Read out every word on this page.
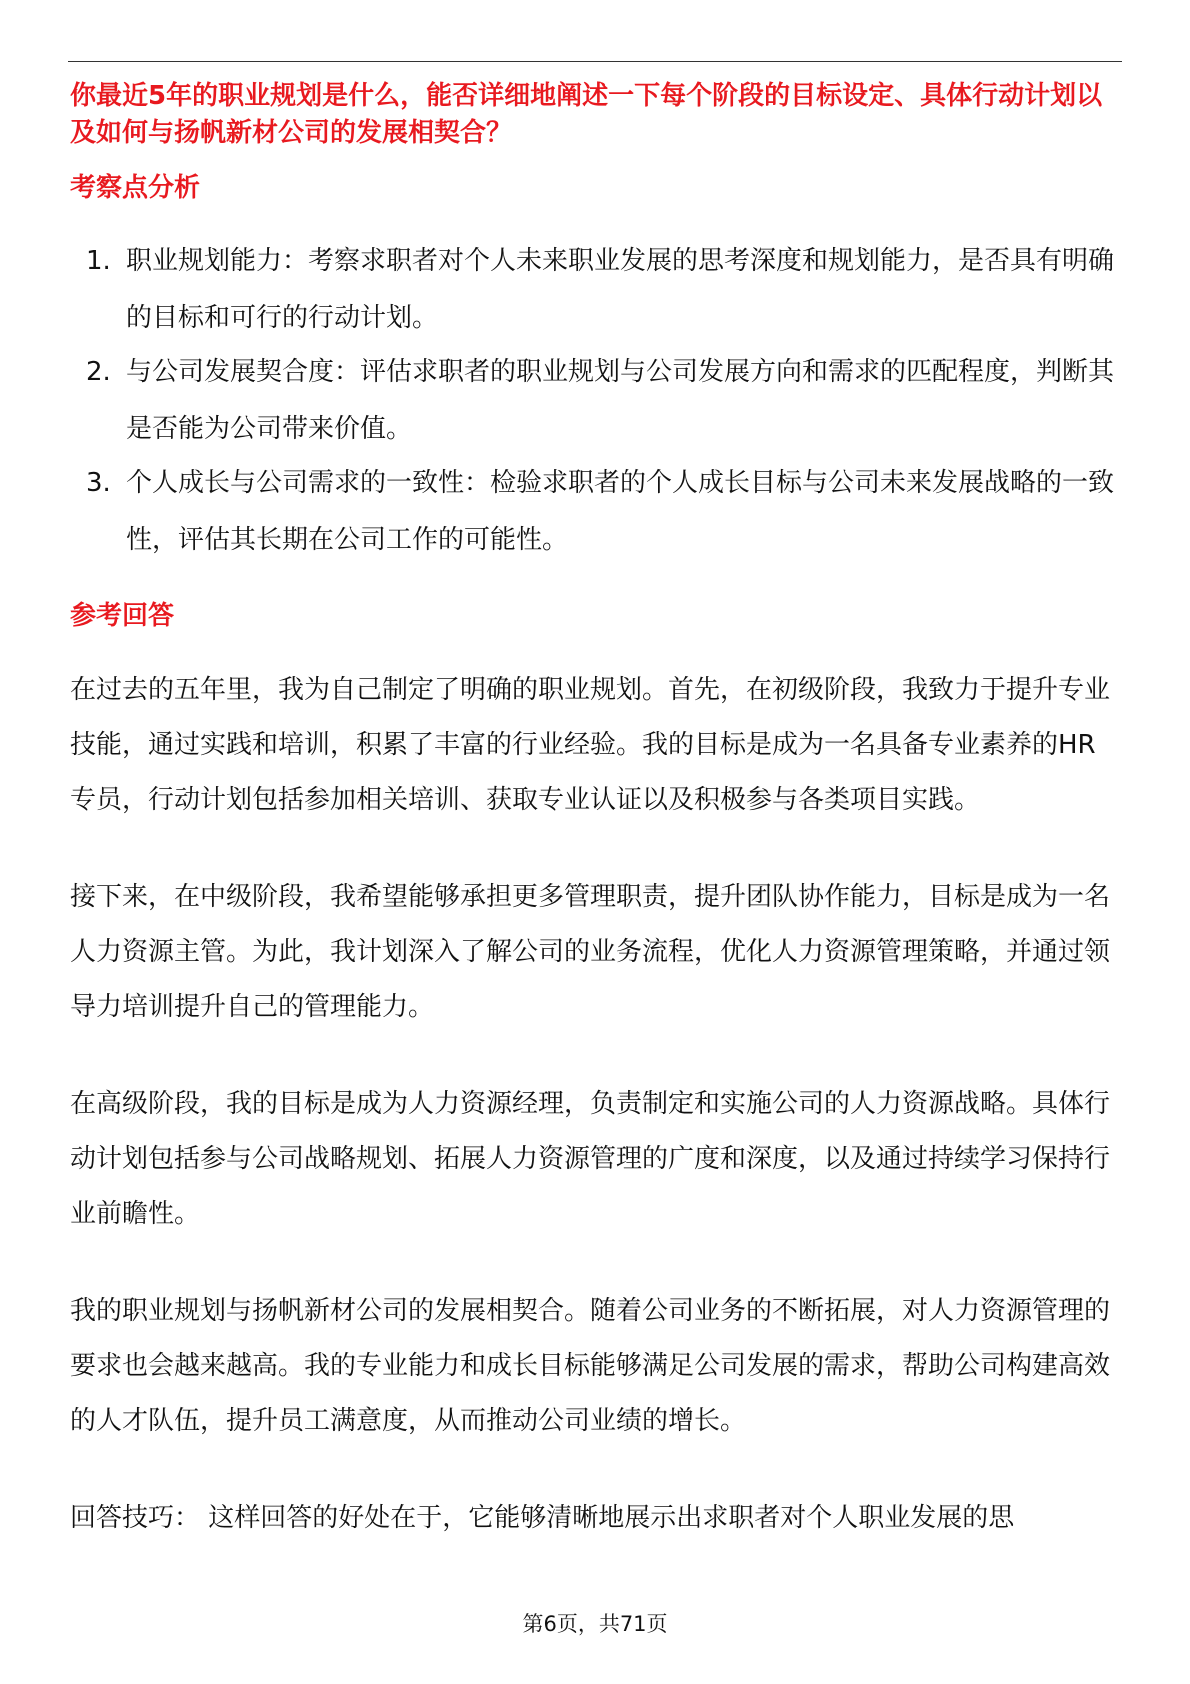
你最近5年的职业规划是什么，能否详细地阐述一下每个阶段的目标设定、具体行动计划以及如何与扬帆新材公司的发展相契合？

考察点分析

1. 职业规划能力：考察求职者对个人未来职业发展的思考深度和规划能力，是否具有明确的目标和可行的行动计划。
2. 与公司发展契合度：评估求职者的职业规划与公司发展方向和需求的匹配程度，判断其是否能为公司带来价值。
3. 个人成长与公司需求的一致性：检验求职者的个人成长目标与公司未来发展战略的一致性，评估其长期在公司工作的可能性。

参考回答

在过去的五年里，我为自己制定了明确的职业规划。首先，在初级阶段，我致力于提升专业技能，通过实践和培训，积累了丰富的行业经验。我的目标是成为一名具备专业素养的HR专员，行动计划包括参加相关培训、获取专业认证以及积极参与各类项目实践。

接下来，在中级阶段，我希望能够承担更多管理职责，提升团队协作能力，目标是成为一名人力资源主管。为此，我计划深入了解公司的业务流程，优化人力资源管理策略，并通过领导力培训提升自己的管理能力。

在高级阶段，我的目标是成为人力资源经理，负责制定和实施公司的人力资源战略。具体行动计划包括参与公司战略规划、拓展人力资源管理的广度和深度，以及通过持续学习保持行业前瞻性。

我的职业规划与扬帆新材公司的发展相契合。随着公司业务的不断拓展，对人力资源管理的要求也会越来越高。我的专业能力和成长目标能够满足公司发展的需求，帮助公司构建高效的人才队伍，提升员工满意度，从而推动公司业绩的增长。

回答技巧： 这样回答的好处在于，它能够清晰地展示出求职者对个人职业发展的思

第6页，共71页
